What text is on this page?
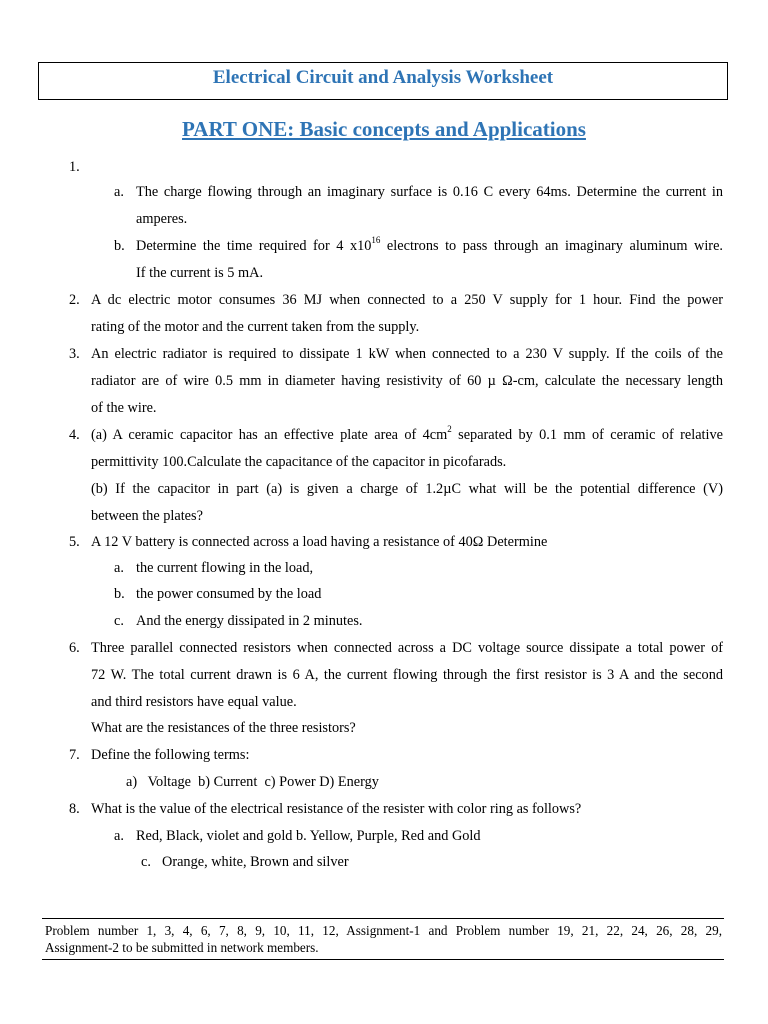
Electrical Circuit and Analysis Worksheet
PART ONE: Basic concepts and Applications
1.
a. The charge flowing through an imaginary surface is 0.16 C every 64ms. Determine the current in
amperes.
b. Determine the time required for 4 $x10^{16}$ electrons to pass through an imaginary aluminum wire.
If the current is 5 mA.
2. A dc electric motor consumes 36 MJ when connected to a 250 V supply for 1 hour. Find the power
rating of the motor and the current taken from the supply.
3. An electric radiator is required to dissipate 1 kW when connected to a 230 V supply. If the coils of the
radiator are of wire 0.5 mm in diameter having resistivity of 60 µ Ω-cm, calculate the necessary length
of the wire.
4. (a) A ceramic capacitor has an effective plate area of $4cm^2$ separated by 0.1 mm of ceramic of relative
permittivity 100.Calculate the capacitance of the capacitor in picofarads.
(b) If the capacitor in part (a) is given a charge of 1.2µC what will be the potential difference (V)
between the plates?
5. A 12 V battery is connected across a load having a resistance of 40Ω Determine
a. the current flowing in the load,
b. the power consumed by the load
c. And the energy dissipated in 2 minutes.
6. Three parallel connected resistors when connected across a DC voltage source dissipate a total power of
72 W. The total current drawn is 6 A, the current flowing through the first resistor is 3 A and the second
and third resistors have equal value.
What are the resistances of the three resistors?
7. Define the following terms:
a)   Voltage  b) Current  c) Power D) Energy
8. What is the value of the electrical resistance of the resister with color ring as follows?
a. Red, Black, violet and gold b. Yellow, Purple, Red and Gold
c. Orange, white, Brown and silver
Problem number 1, 3, 4, 6, 7, 8, 9, 10, 11, 12, Assignment-1 and Problem number 19, 21, 22, 24, 26, 28, 29,
Assignment-2 to be submitted in network members.
